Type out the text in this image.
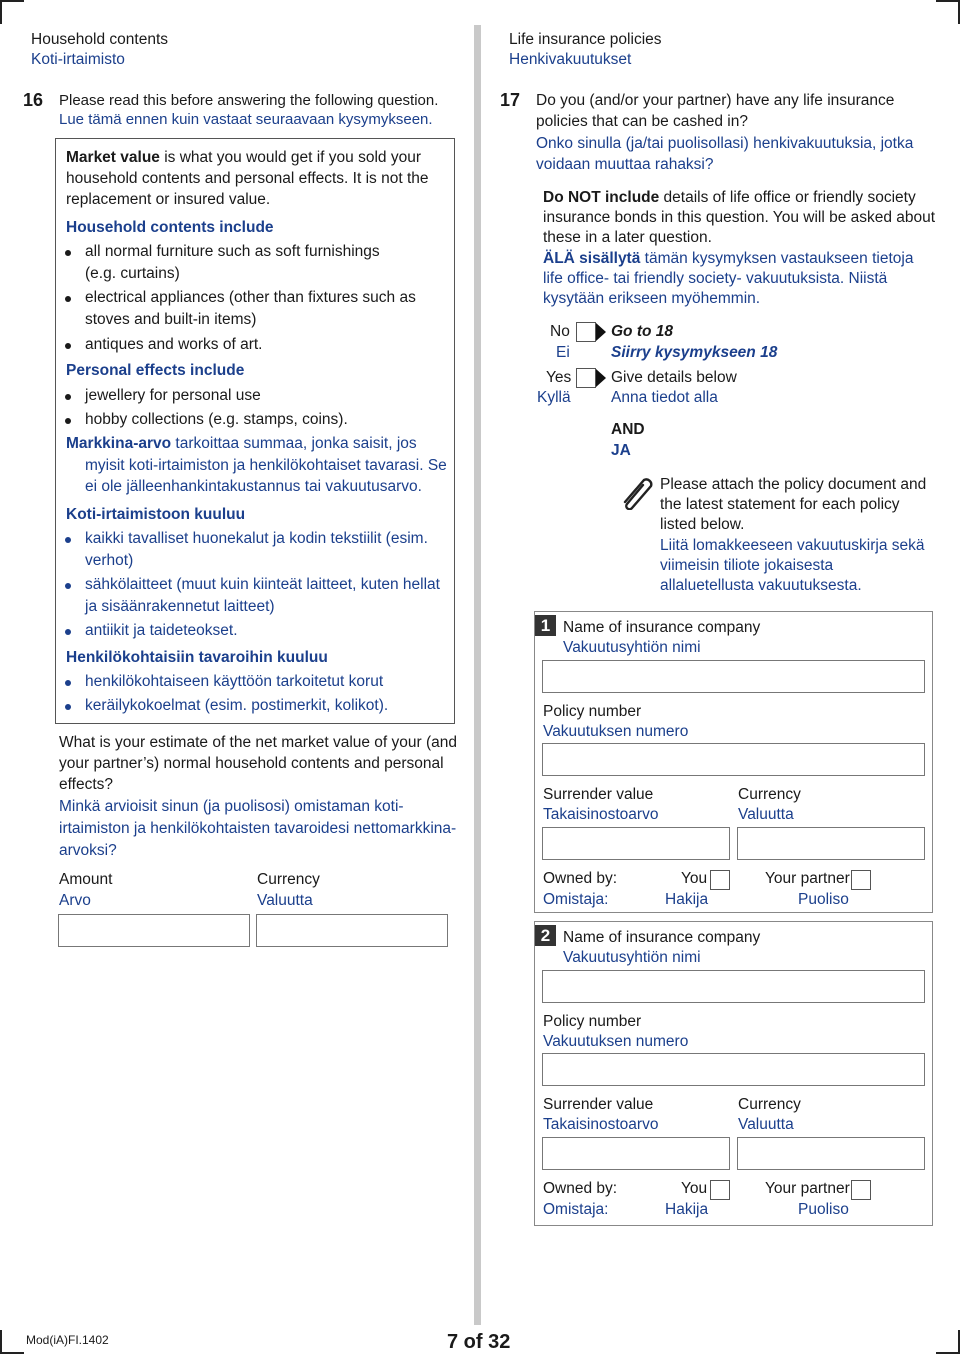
Household contents
Koti-irtaimisto
16 Please read this before answering the following question.
Lue tämä ennen kuin vastaat seuraavaan kysymykseen.
Market value is what you would get if you sold your
household contents and personal effects. It is not the
replacement or insured value.
Household contents include
all normal furniture such as soft furnishings
(e.g. curtains)
electrical appliances (other than fixtures such as
stoves and built-in items)
antiques and works of art.
Personal effects include
jewellery for personal use
hobby collections (e.g. stamps, coins).
Markkina-arvo tarkoittaa summaa, jonka saisit, jos
myisit koti-irtaimiston ja henkilökohtaiset tavarasi. Se
ei ole jälleenhankintakustannus tai vakuutusarvo.
Koti-irtaimistoon kuuluu
kaikki tavalliset huonekalut ja kodin tekstiilit (esim.
verhot)
sähkölaitteet (muut kuin kiinteät laitteet, kuten hellat
ja sisäänrakennetut laitteet)
antiikit ja taideteokset.
Henkilökohtaisiin tavaroihin kuuluu
henkilökohtaiseen käyttöön tarkoitetut korut
keräilykokoelmat (esim. postimerkit, kolikot).
What is your estimate of the net market value of your (and
your partner’s) normal household contents and personal
effects?
Minkä arvioisit sinun (ja puolisosi) omistaman koti-
irtaimiston ja henkilökohtaisten tavaroidesi nettomarkkina-
arvoksi?
Amount
Arvo
Currency
Valuutta
Life insurance policies
Henkivakuutukset
17 Do you (and/or your partner) have any life insurance
policies that can be cashed in?
Onko sinulla (ja/tai puolisollasi) henkivakuutuksia, jotka
voidaan muuttaa rahaksi?
Do NOT include details of life office or friendly society
insurance bonds in this question. You will be asked about
these in a later question.
ÄLÄ sisällytä tämän kysymyksen vastaukseen tietoja
life office- tai friendly society- vakuutuksista. Niistä
kysytään erikseen myöhemmin.
No
Ei
Go to 18
Siirry kysymykseen 18
Yes
Kyllä
Give details below
Anna tiedot alla
AND
JA
Please attach the policy document and
the latest statement for each policy
listed below.
Liitä lomakkeeseen vakuutuskirja sekä
viimeisin tiliote jokaisesta
allaluetellusta vakuutuksesta.
1 Name of insurance company
Vakuutusyhtiön nimi
Policy number
Vakuutuksen numero
Surrender value
Takaisinostoarvo
Currency
Valuutta
Owned by:
Omistaja:
You
Hakija
Your partner
Puoliso
2 Name of insurance company
Vakuutusyhtiön nimi
Policy number
Vakuutuksen numero
Surrender value
Takaisinostoarvo
Currency
Valuutta
Owned by:
Omistaja:
You
Hakija
Your partner
Puoliso
Mod(iA)FI.1402	7 of 32
